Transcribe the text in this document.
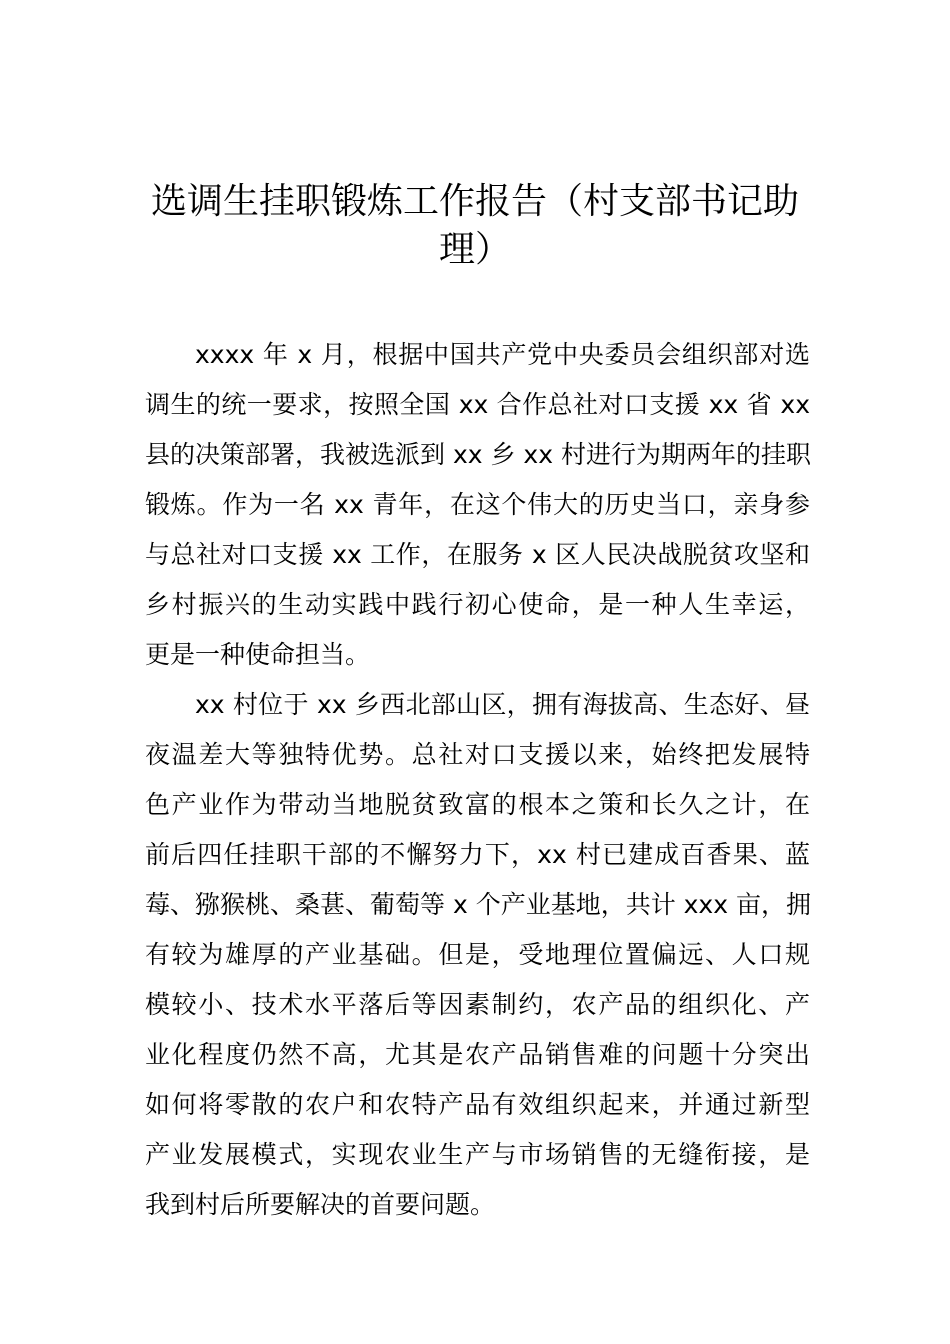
选调生挂职锻炼工作报告（村支部书记助
理）
xxxx 年 x 月，根据中国共产党中央委员会组织部对选
调生的统一要求，按照全国 xx 合作总社对口支援 xx 省 xx
县的决策部署，我被选派到 xx 乡 xx 村进行为期两年的挂职
锻炼。作为一名 xx 青年，在这个伟大的历史当口，亲身参
与总社对口支援 xx 工作，在服务 x 区人民决战脱贫攻坚和
乡村振兴的生动实践中践行初心使命，是一种人生幸运，
更是一种使命担当。
xx 村位于 xx 乡西北部山区，拥有海拔高、生态好、昼
夜温差大等独特优势。总社对口支援以来，始终把发展特
色产业作为带动当地脱贫致富的根本之策和长久之计，在
前后四任挂职干部的不懈努力下，xx 村已建成百香果、蓝
莓、猕猴桃、桑葚、葡萄等 x 个产业基地，共计 xxx 亩，拥
有较为雄厚的产业基础。但是，受地理位置偏远、人口规
模较小、技术水平落后等因素制约，农产品的组织化、产
业化程度仍然不高，尤其是农产品销售难的问题十分突出
如何将零散的农户和农特产品有效组织起来，并通过新型
产业发展模式，实现农业生产与市场销售的无缝衔接，是
我到村后所要解决的首要问题。
